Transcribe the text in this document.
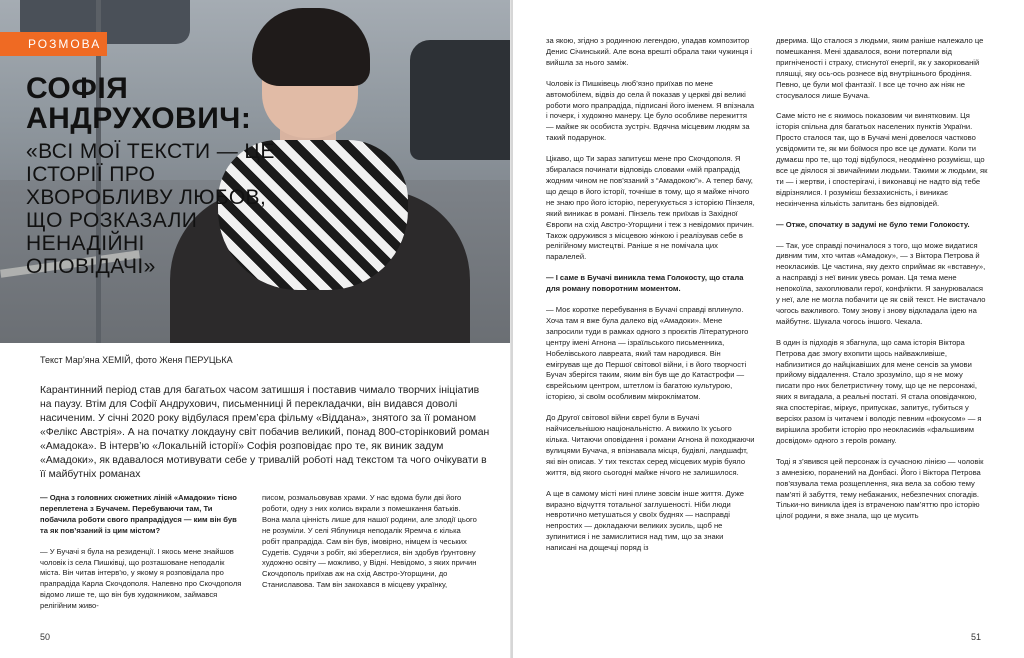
РОЗМОВА
СОФІЯ АНДРУХОВИЧ:
«ВСІ МОЇ ТЕКСТИ — ЦЕ ІСТОРІЇ ПРО ХВОРОБЛИВУ ЛЮБОВ, ЩО РОЗКАЗАЛИ НЕНАДІЙНІ ОПОВІДАЧІ»
Текст Мар’яна ХЕМІЙ, фото Женя ПЕРУЦЬКА
Карантинний період став для багатьох часом затишшя і поставив чимало творчих ініціатив на паузу. Втім для Софії Андрухович, письменниці й перекладачки, він видався доволі насиченим. У січні 2020 року відбулася прем’єра фільму «Віддана», знятого за її романом «Фелікс Австрія». А на початку локдауну світ побачив великий, понад 800-сторінковий роман «Амадока». В інтерв’ю «Локальній історії» Софія розповідає про те, як виник задум «Амадоки», як вдавалося мотивувати себе у тривалій роботі над текстом та чого очікувати в її майбутніх романах

— Одна з головних сюжетних ліній «Амадоки» тісно переплетена з Бучачем. Перебуваючи там, Ти побачила роботи свого прапрадідуся — ким він був та як пов’язаний із цим містом?

— У Бучачі я була на резиденції. І якось мене знайшов чоловік із села Пишківці, що розташоване неподалік міста. Він читав інтерв’ю, у якому я розповідала про прапрадіда Карла Скочдополя. Напевно про Скочдополя відомо лише те, що він був художником, займався релігійним живо-

писом, розмальовував храми. У нас вдома були дві його роботи, одну з них колись вкрали з помешкання батьків. Вона мала цінність лише для нашої родини, але злодії цього не розуміли. У селі Яблуниця неподалік Яремча є кілька робіт прапрадіда. Сам він був, імовірно, німцем із чеських Судетів. Судячи з робіт, які збереглися, він здобув ґрунтовну художню освіту — можливо, у Відні. Невідомо, з яких причин Скочдополь приїхав аж на схід Австро-Угорщини, до Станиславова. Там він закохався в місцеву українку,

50

за якою, згідно з родинною легендою, упадав композитор Денис Січинський. Але вона врешті обрала таки чужинця і вийшла за нього заміж.

Чоловік із Пишківець люб’язно приїхав по мене автомобілем, відвіз до села й показав у церкві дві великі роботи мого прапрадіда, підписані його іменем. Я впізнала і почерк, і художню манеру. Це було особливе пережиття — майже як особиста зустріч. Вдячна місцевим людям за такий подарунок.

Цікаво, що Ти зараз запитуєш мене про Скочдополя. Я збиралася починати відповідь словами «мій прапрадід жодним чином не пов’язаний з “Амадокою”». А тепер бачу, що дещо в його історії, точніше в тому, що я майже нічого не знаю про його історію, перегукується з історією Пінзеля, який виникає в романі. Пінзель теж приїхав із Західної Європи на схід Австро-Угорщини і теж з невідомих причин. Також одружився з місцевою жінкою і реалізував себе в релігійному мистецтві. Раніше я не помічала цих паралелей.

— І саме в Бучачі виникла тема Голокосту, що стала для роману поворотним моментом.

— Моє коротке перебування в Бучачі справді вплинуло. Хоча там я вже була далеко від «Амадоки». Мене запросили туди в рамках одного з проєктів Літературного центру імені Агнона — ізраїльського письменника, Нобелівського лавреата, який там народився. Він емігрував ще до Першої світової війни, і в його творчості Бучач зберігся таким, яким він був ще до Катастрофи — єврейським центром, штетлом із багатою культурою, історією, зі своїм особливим мікрокліматом.

До Другої світової війни євреї були в Бучачі найчисельнішою національністю. А вижило їх усього кілька. Читаючи оповідання і романи Агнона й походжаючи вулицями Бучача, я впізнавала місця, будівлі, ландшафт, які він описав. У тих текстах серед місцевих мурів буяло життя, від якого сьогодні майже нічого не залишилося.

А ще в самому місті нині плине зовсім інше життя. Дуже виразно відчуття тотальної заглушеності. Ніби люди невротично метушаться у своїх буднях — насправді непростих — докладаючи великих зусиль, щоб не зупинитися і не замислитися над тим, що за знаки написані на дощечці поряд із

дверима. Що сталося з людьми, яким раніше належало це помешкання. Мені здавалося, вони потерпали від пригніченості і страху, стиснутої енергії, як у закоркованій пляшці, яку ось-ось рознесе від внутрішнього бродіння. Певно, це були мої фантазії. І все це точно аж ніяк не стосувалося лише Бучача.

Саме місто не є якимось показовим чи винятковим. Ця історія спільна для багатьох населених пунктів України. Просто сталося так, що в Бучачі мені довелося частково усвідомити те, як ми боїмося про все це думати. Коли ти думаєш про те, що тоді відбулося, неодмінно розумієш, що все це діялося зі звичайними людьми. Такими ж людьми, як ти — і жертви, і спостерігачі, і виконавці не надто від тебе відрізнялися. І розумієш беззахисність, і виникає нескінченна кількість запитань без відповідей.

— Отже, спочатку в задумі не було теми Голокосту.

— Так, усе справді починалося з того, що може видатися дивним тим, хто читав «Амадоку», — з Віктора Петрова й неокласиків. Це частина, яку дехто сприймає як «вставну», а насправді з неї виник увесь роман. Ця тема мене непокоїла, захоплювали герої, конфлікти. Я занурювалася у неї, але не могла побачити це як свій текст. Не вистачало чогось важливого. Тому знову і знову відкладала ідею на майбутнє. Шукала чогось іншого. Чекала.

В один із підходів я збагнула, що сама історія Віктора Петрова дає змогу вхопити щось найважливіше, наблизитися до найцікавіших для мене сенсів за умови прийому віддалення. Стало зрозуміло, що я не можу писати про них белетристичну тому, що це не персонажі, яких я вигадала, а реальні постаті. Я стала оповідачкою, яка спостерігає, міркує, припускає, запитує, губиться у версіях разом із читачем і володіє певним «фокусом» — я вирішила зробити історію про неокласиків «фальшивим досвідом» одного з героїв роману.

Тоді я з’явився цей персонаж із сучасною лінією — чоловік з амнезією, поранений на Донбасі. Його і Віктора Петрова пов’язувала тема розщеплення, яка вела за собою тему пам’яті й забуття, тему небажаних, небезпечних спогадів. Тільки-но виникла ідея із втраченою пам’яттю про історію цілої родини, я вже знала, що це мусить

51
